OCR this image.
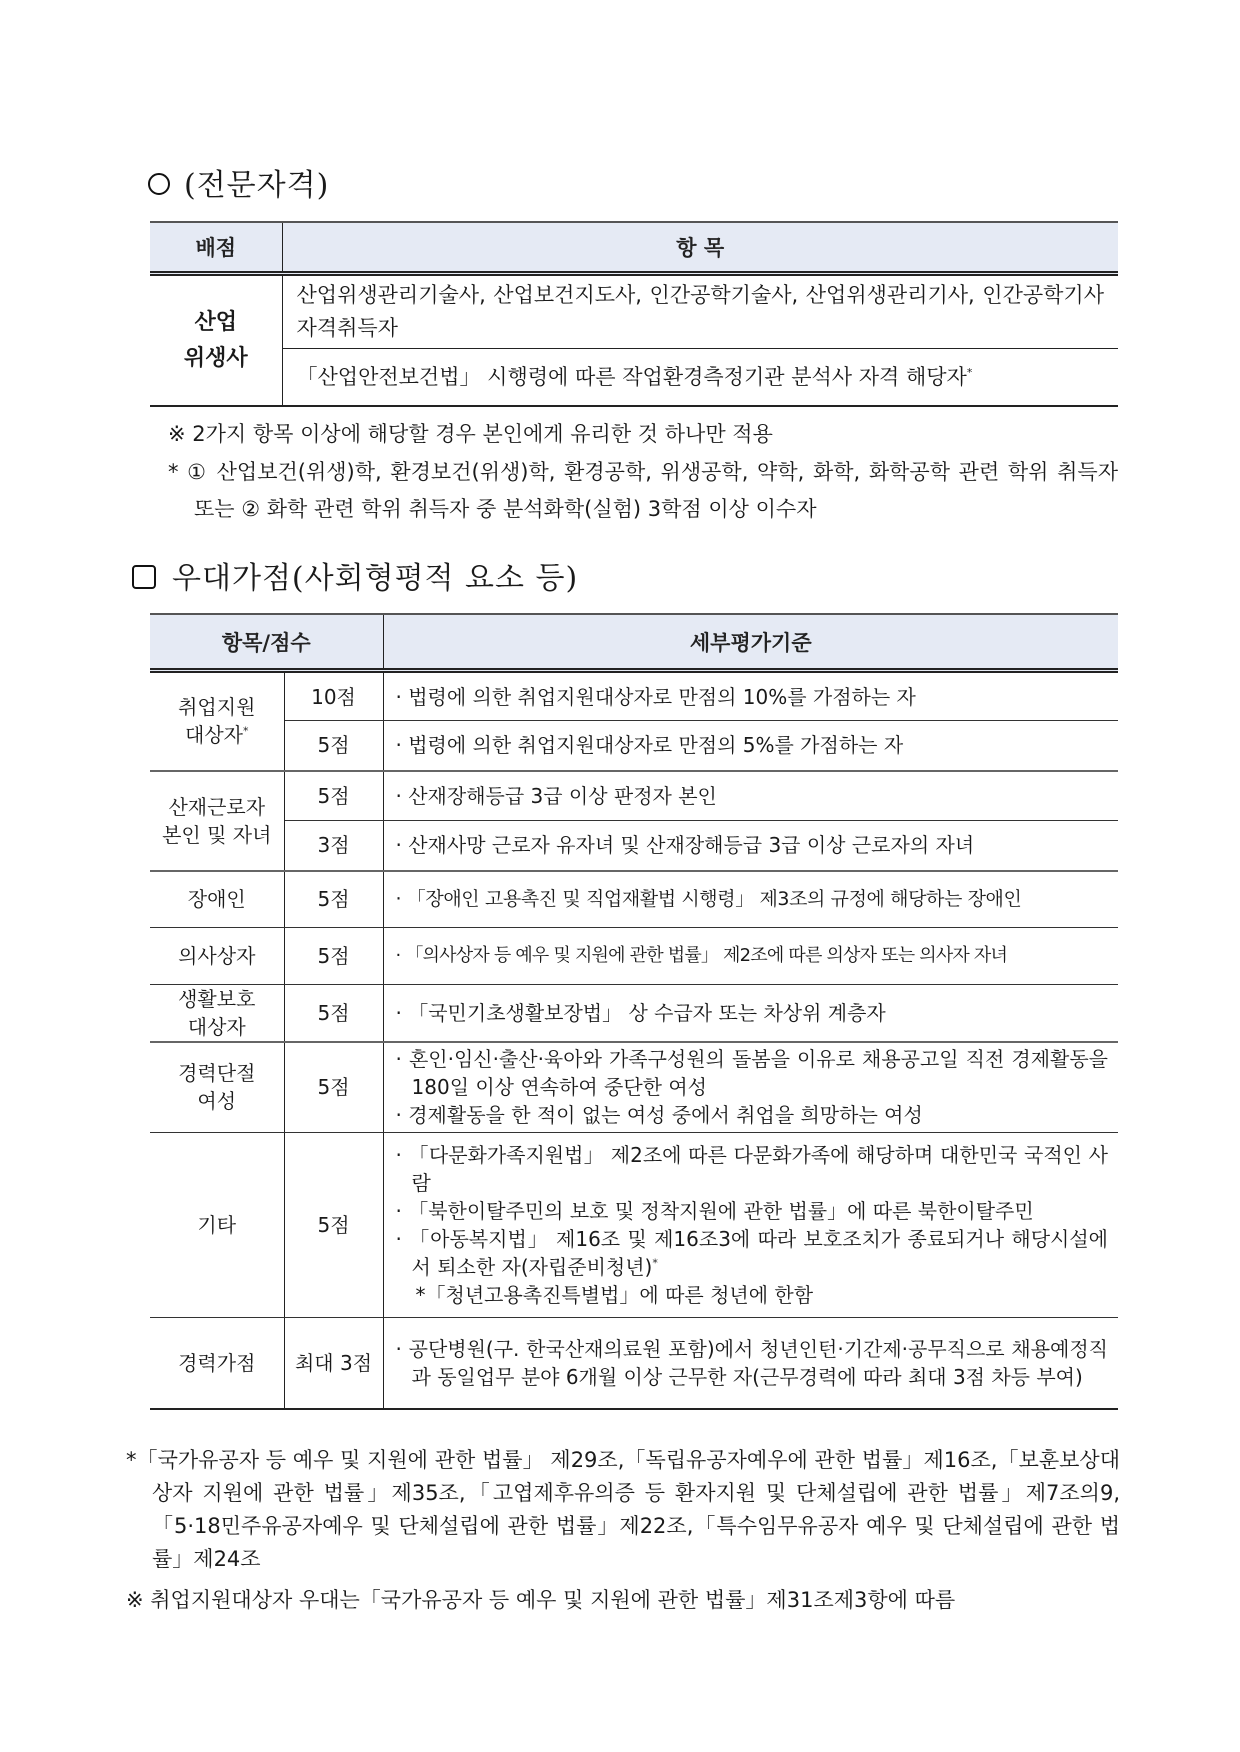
(전문자격)
배점	항 목
산업
위생사	산업위생관리기술사, 산업보건지도사, 인간공학기술사, 산업위생관리기사, 인간공학기사 자격취득자
	「산업안전보건법」 시행령에 따른 작업환경측정기관 분석사 자격 해당자*
※ 2가지 항목 이상에 해당할 경우 본인에게 유리한 것 하나만 적용
* ① 산업보건(위생)학, 환경보건(위생)학, 환경공학, 위생공학, 약학, 화학, 화학공학 관련 학위 취득자 또는 ② 화학 관련 학위 취득자 중 분석화학(실험) 3학점 이상 이수자
우대가점(사회형평적 요소 등)
항목/점수		세부평가기준
취업지원
대상자*	10점	· 법령에 의한 취업지원대상자로 만점의 10%를 가점하는 자

	5점	· 법령에 의한 취업지원대상자로 만점의 5%를 가점하는 자

산재근로자
본인 및 자녀	5점	· 산재장해등급 3급 이상 판정자 본인

	3점	· 산재사망 근로자 유자녀 및 산재장해등급 3급 이상 근로자의 자녀

장애인	5점	· 「장애인 고용촉진 및 직업재활법 시행령」 제3조의 규정에 해당하는 장애인

의사상자	5점	· 「의사상자 등 예우 및 지원에 관한 법률」 제2조에 따른 의상자 또는 의사자 자녀

생활보호
대상자	5점	· 「국민기초생활보장법」 상 수급자 또는 차상위 계층자

경력단절
여성	5점	· 혼인·임신·출산·육아와 가족구성원의 돌봄을 이유로 채용공고일 직전 경제활동을 180일 이상 연속하여 중단한 여성
· 경제활동을 한 적이 없는 여성 중에서 취업을 희망하는 여성

기타	5점	· 「다문화가족지원법」 제2조에 따른 다문화가족에 해당하며 대한민국 국적인 사람
· 「북한이탈주민의 보호 및 정착지원에 관한 법률」에 따른 북한이탈주민
· 「아동복지법」 제16조 및 제16조3에 따라 보호조치가 종료되거나 해당시설에서 퇴소한 자(자립준비청년)*
*「청년고용촉진특별법」에 따른 청년에 한함

경력가점	최대 3점	· 공단병원(구. 한국산재의료원 포함)에서 청년인턴·기간제·공무직으로 채용예정직과 동일업무 분야 6개월 이상 근무한 자(근무경력에 따라 최대 3점 차등 부여)
*「국가유공자 등 예우 및 지원에 관한 법률」 제29조,「독립유공자예우에 관한 법률」제16조,「보훈보상대상자 지원에 관한 법률」제35조,「고엽제후유의증 등 환자지원 및 단체설립에 관한 법률」제7조의9,「5·18민주유공자예우 및 단체설립에 관한 법률」제22조,「특수임무유공자 예우 및 단체설립에 관한 법률」제24조
※ 취업지원대상자 우대는「국가유공자 등 예우 및 지원에 관한 법률」제31조제3항에 따름
